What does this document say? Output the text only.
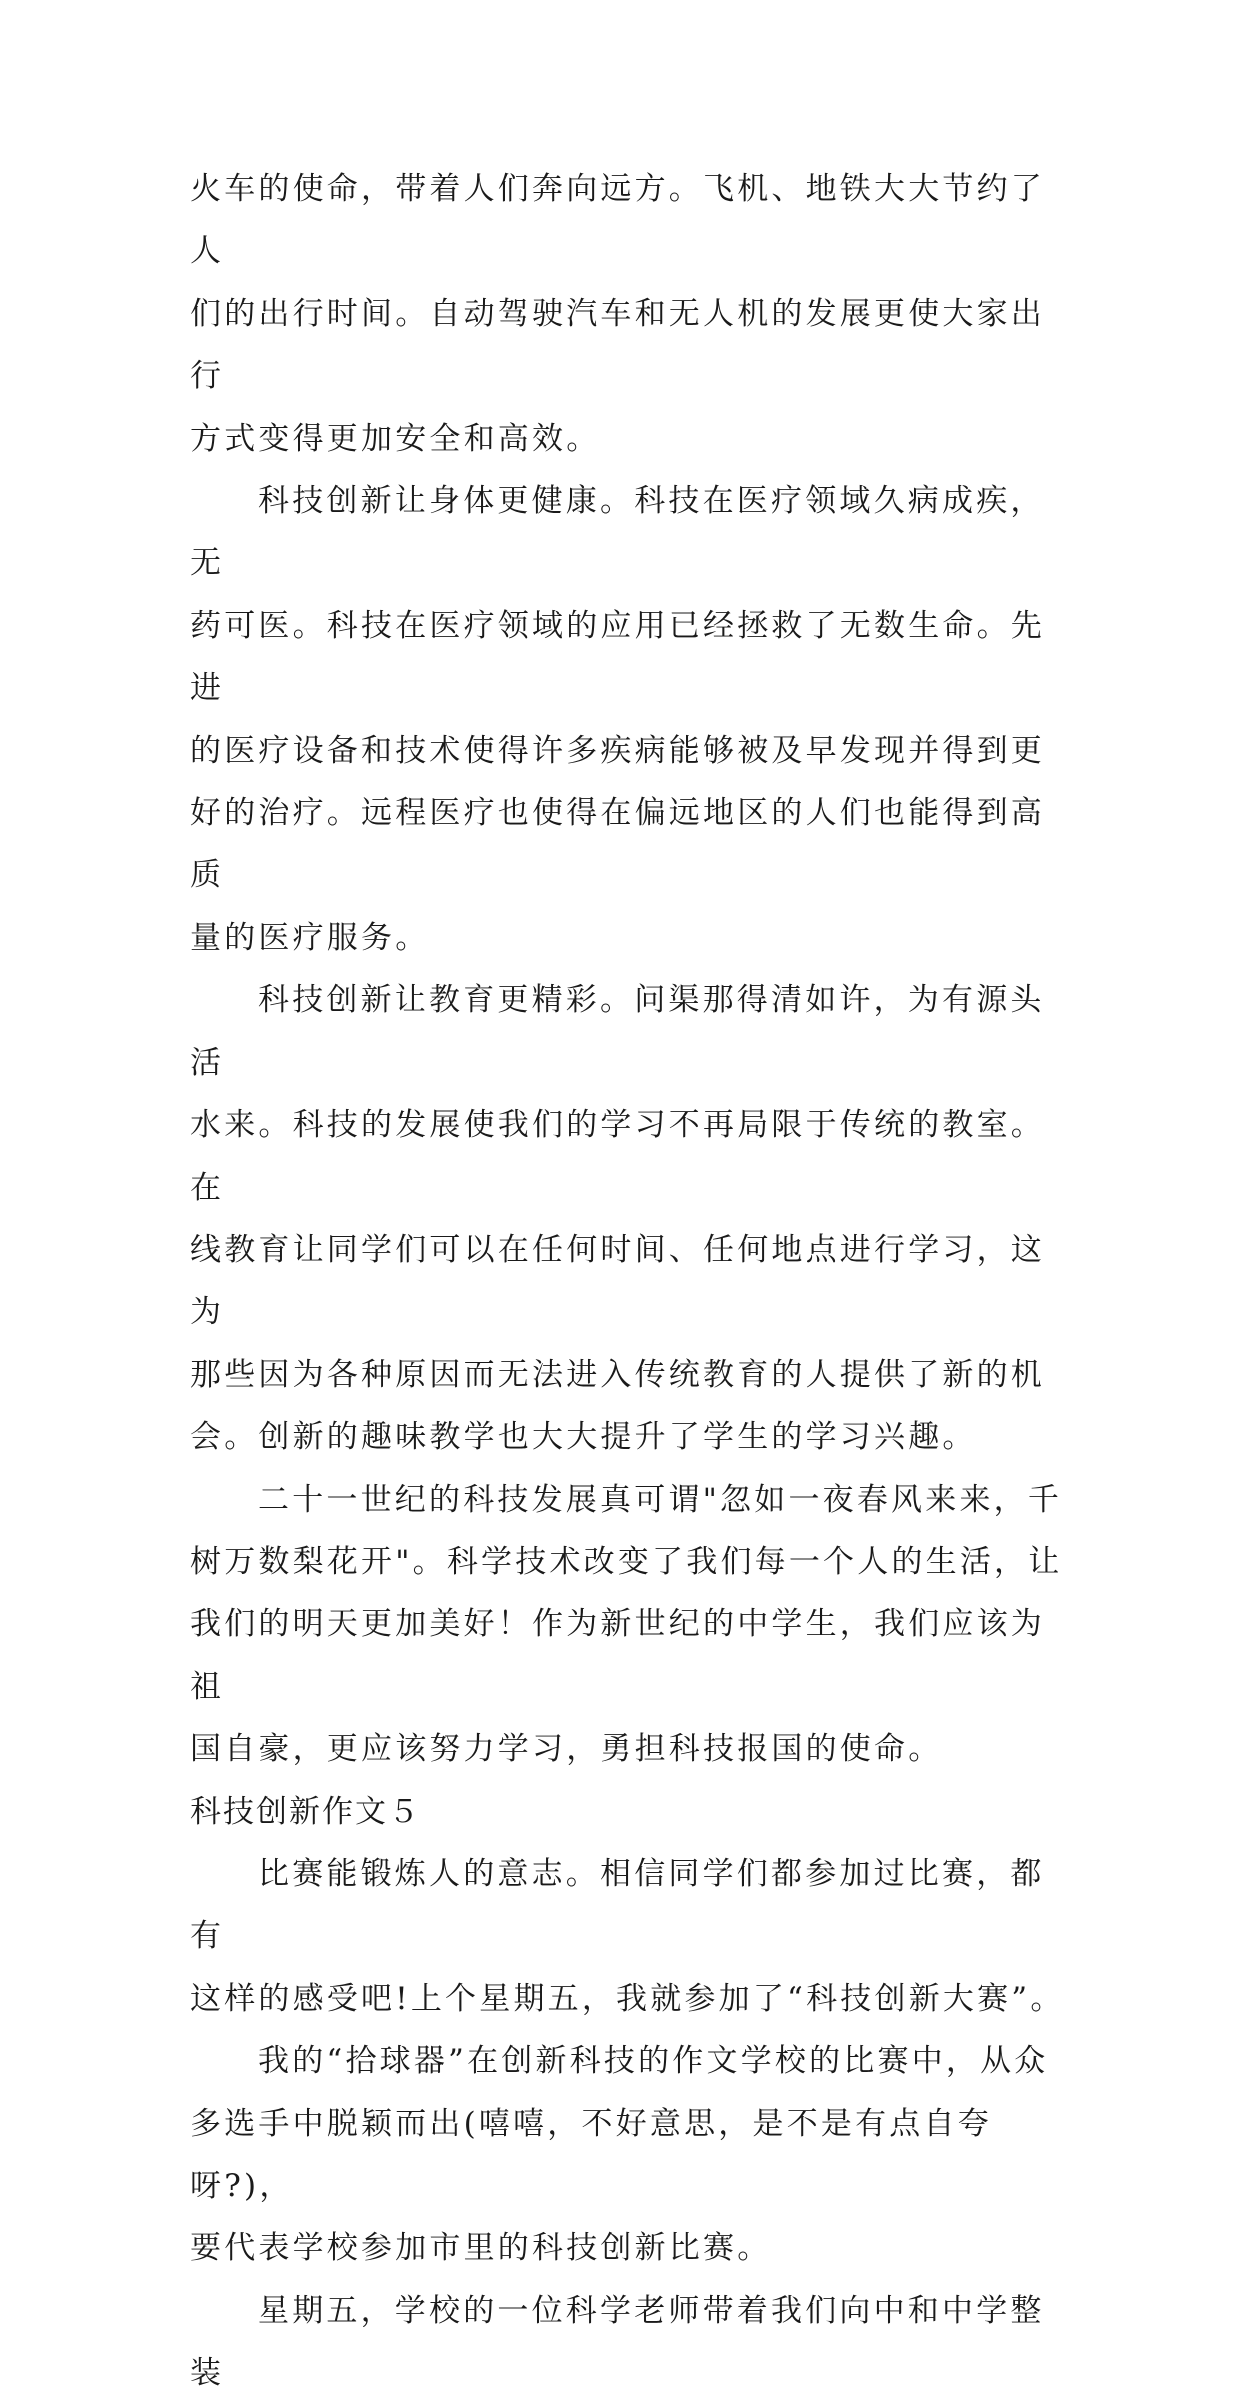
火车的使命，带着人们奔向远方。飞机、地铁大大节约了人
们的出行时间。自动驾驶汽车和无人机的发展更使大家出行
方式变得更加安全和高效。

科技创新让身体更健康。科技在医疗领域久病成疾，无
药可医。科技在医疗领域的应用已经拯救了无数生命。先进
的医疗设备和技术使得许多疾病能够被及早发现并得到更
好的治疗。远程医疗也使得在偏远地区的人们也能得到高质
量的医疗服务。

科技创新让教育更精彩。问渠那得清如许，为有源头活
水来。科技的发展使我们的学习不再局限于传统的教室。在
线教育让同学们可以在任何时间、任何地点进行学习，这为
那些因为各种原因而无法进入传统教育的人提供了新的机
会。创新的趣味教学也大大提升了学生的学习兴趣。

二十一世纪的科技发展真可谓"忽如一夜春风来来，千
树万数梨花开"。科学技术改变了我们每一个人的生活，让
我们的明天更加美好！作为新世纪的中学生，我们应该为祖
国自豪，更应该努力学习，勇担科技报国的使命。

科技创新作文５

比赛能锻炼人的意志。相信同学们都参加过比赛，都有
这样的感受吧!上个星期五，我就参加了“科技创新大赛”。

我的“拾球器”在创新科技的作文学校的比赛中，从众
多选手中脱颖而出(嘻嘻，不好意思，是不是有点自夸呀?)，
要代表学校参加市里的科技创新比赛。

星期五，学校的一位科学老师带着我们向中和中学整装
